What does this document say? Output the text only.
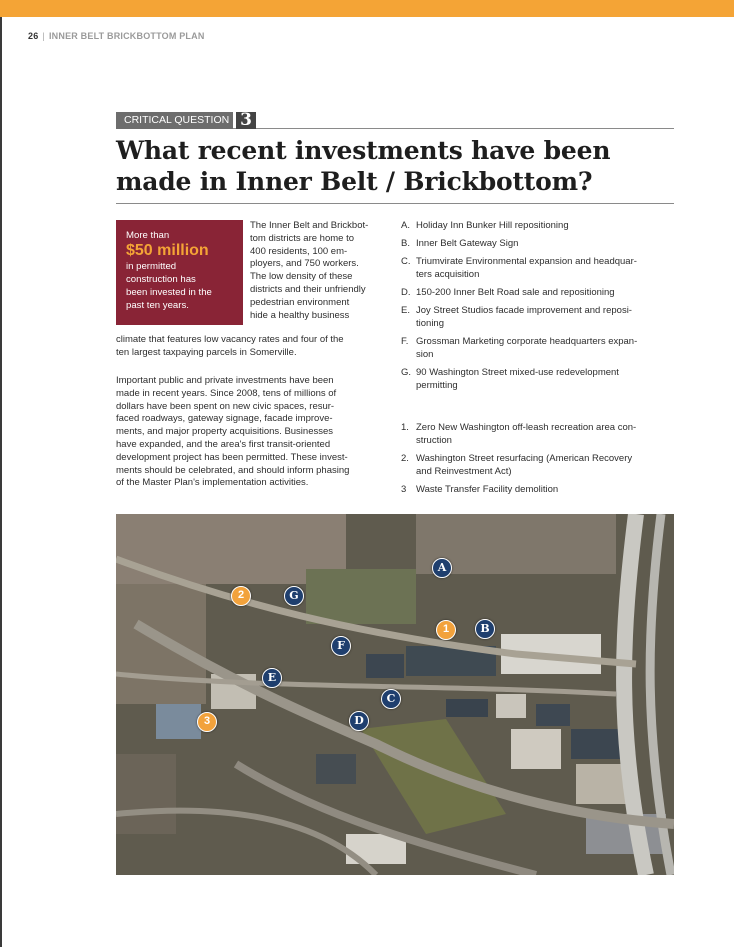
26 | INNER BELT BRICKBOTTOM PLAN
CRITICAL QUESTION 3
What recent investments have been
made in Inner Belt / Brickbottom?
More than
$50 million
in permitted
construction has
been invested in the
past ten years.
The Inner Belt and Brickbot-
tom districts are home to
400 residents, 100 em-
ployers, and 750 workers.
The low density of these
districts and their unfriendly
pedestrian environment
hide a healthy business
climate that features low vacancy rates and four of the
ten largest taxpaying parcels in Somerville.
Important public and private investments have been
made in recent years. Since 2008, tens of millions of
dollars have been spent on new civic spaces, resur-
faced roadways, gateway signage, facade improve-
ments, and major property acquisitions. Businesses
have expanded, and the area's first transit-oriented
development project has been permitted. These invest-
ments should be celebrated, and should inform phasing
of the Master Plan's implementation activities.
A. Holiday Inn Bunker Hill repositioning
B. Inner Belt Gateway Sign
C. Triumvirate Environmental expansion and headquar-
ters acquisition
D. 150-200 Inner Belt Road sale and repositioning
E. Joy Street Studios facade improvement and reposi-
tioning
F. Grossman Marketing corporate headquarters expan-
sion
G. 90 Washington Street mixed-use redevelopment
permitting
1. Zero New Washington off-leash recreation area con-
struction
2. Washington Street resurfacing (American Recovery
and Reinvestment Act)
3 Waste Transfer Facility demolition
A
B
C
D
E
F
G
1
2
3
